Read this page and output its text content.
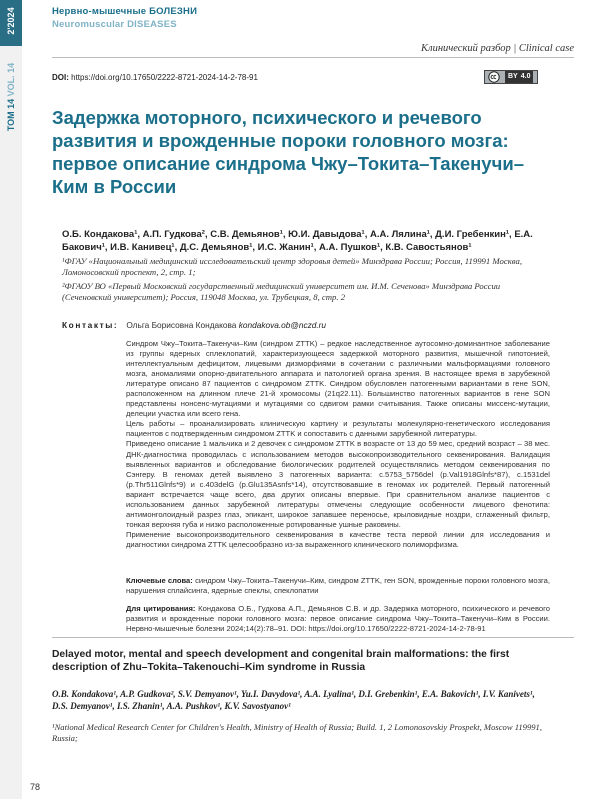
2'2024
ТОМ 14 VOL. 14
Нервно-мышечные БОЛЕЗНИ
Neuromuscular DISEASES
Клинический разбор | Clinical case
DOI: https://doi.org/10.17650/2222-8721-2024-14-2-78-91	BY 4.0
Задержка моторного, психического и речевого развития и врожденные пороки головного мозга: первое описание синдрома Чжу–Токита–Такенучи–Ким в России
О.Б. Кондакова¹, А.П. Гудкова², С.В. Демьянов¹, Ю.И. Давыдова¹, А.А. Лялина¹, Д.И. Гребенкин¹, Е.А. Бакович¹, И.В. Канивец¹, Д.С. Демьянов¹, И.С. Жанин¹, А.А. Пушков¹, К.В. Савостьянов¹

¹ФГАУ «Национальный медицинский исследовательский центр здоровья детей» Минздрава России; Россия, 119991 Москва, Ломоносовский проспект, 2, стр. 1;

²ФГАОУ ВО «Первый Московский государственный медицинский университет им. И.М. Сеченова» Минздрава России (Сеченовский университет); Россия, 119048 Москва, ул. Трубецкая, 8, стр. 2

Контакты: Ольга Борисовна Кондакова kondakova.ob@nczd.ru

Синдром Чжу–Токита–Такенучи–Ким (синдром ZTTK) – редкое наследственное аутосомно-доминантное заболевание из группы ядерных сплеклопатий, характеризующееся задержкой моторного развития, мышечной гипотонией, интеллектуальным дефицитом, лицевыми дизморфиями в сочетании с различными мальформациями головного мозга, аномалиями опорно-двигательного аппарата и патологией органа зрения. В настоящее время в зарубежной литературе описано 87 пациентов с синдромом ZTTK. Синдром обусловлен патогенными вариантами в гене SON, расположенном на длинном плече 21-й хромосомы (21q22.11). Большинство патогенных вариантов в гене SON представлены нонсенс-мутациями и мутациями со сдвигом рамки считывания. Также описаны миссенс-мутации, делеции участка или всего гена.

Цель работы – проанализировать клиническую картину и результаты молекулярно-генетического исследования пациентов с подтвержденным синдромом ZTTK и сопоставить с данными зарубежной литературы.

Приведено описание 1 мальчика и 2 девочек с синдромом ZTTK в возрасте от 13 до 59 мес, средний возраст – 38 мес. ДНК-диагностика проводилась с использованием методов высокопроизводительного секвенирования. Валидация выявленных вариантов и обследование биологических родителей осуществлялись методом секвенирования по Сэнгеру. В геномах детей выявлено 3 патогенных варианта: c.5753_5756del (p.Val1918Glnfs*87), c.1531del (p.Thr511Glnfs*9) и c.403delG (p.Glu135Asnfs*14), отсутствовавшие в геномах их родителей. Первый патогенный вариант встречается чаще всего, два других описаны впервые. При сравнительном анализе пациентов с использованием данных зарубежной литературы отмечены следующие особенности лицевого фенотипа: антимонголоидный разрез глаз, эпикант, широкое запавшее переносье, крыловидные ноздри, сглаженный фильтр, тонкая верхняя губа и низко расположенные ротированные ушные раковины.

Применение высокопроизводительного секвенирования в качестве теста первой линии для исследования и диагностики синдрома ZTTK целесообразно из-за выраженного клинического полиморфизма.

Ключевые слова: синдром Чжу–Токита–Такенучи–Ким, синдром ZTTK, ген SON, врожденные пороки головного мозга, нарушения сплайсинга, ядерные спеклы, спеклопатии
Для цитирования: Кондакова О.Б., Гудкова А.П., Демьянов С.В. и др. Задержка моторного, психического и речевого развития и врожденные пороки головного мозга: первое описание синдрома Чжу–Токита–Такенучи–Ким в России. Нервно-мышечные болезни 2024;14(2):78–91. DOI: https://doi.org/10.17650/2222-8721-2024-14-2-78-91
Delayed motor, mental and speech development and congenital brain malformations: the first description of Zhu–Tokita–Takenouchi–Kim syndrome in Russia
O.B. Kondakova¹, A.P. Gudkova², S.V. Demyanov¹, Yu.I. Davydova¹, A.A. Lyalina¹, D.I. Grebenkin¹, E.A. Bakovich¹, I.V. Kanivets¹, D.S. Demyanov¹, I.S. Zhanin¹, A.A. Pushkov¹, K.V. Savostyanov¹
¹National Medical Research Center for Children's Health, Ministry of Health of Russia; Build. 1, 2 Lomonosovskiy Prospekt, Moscow 119991, Russia;
78
